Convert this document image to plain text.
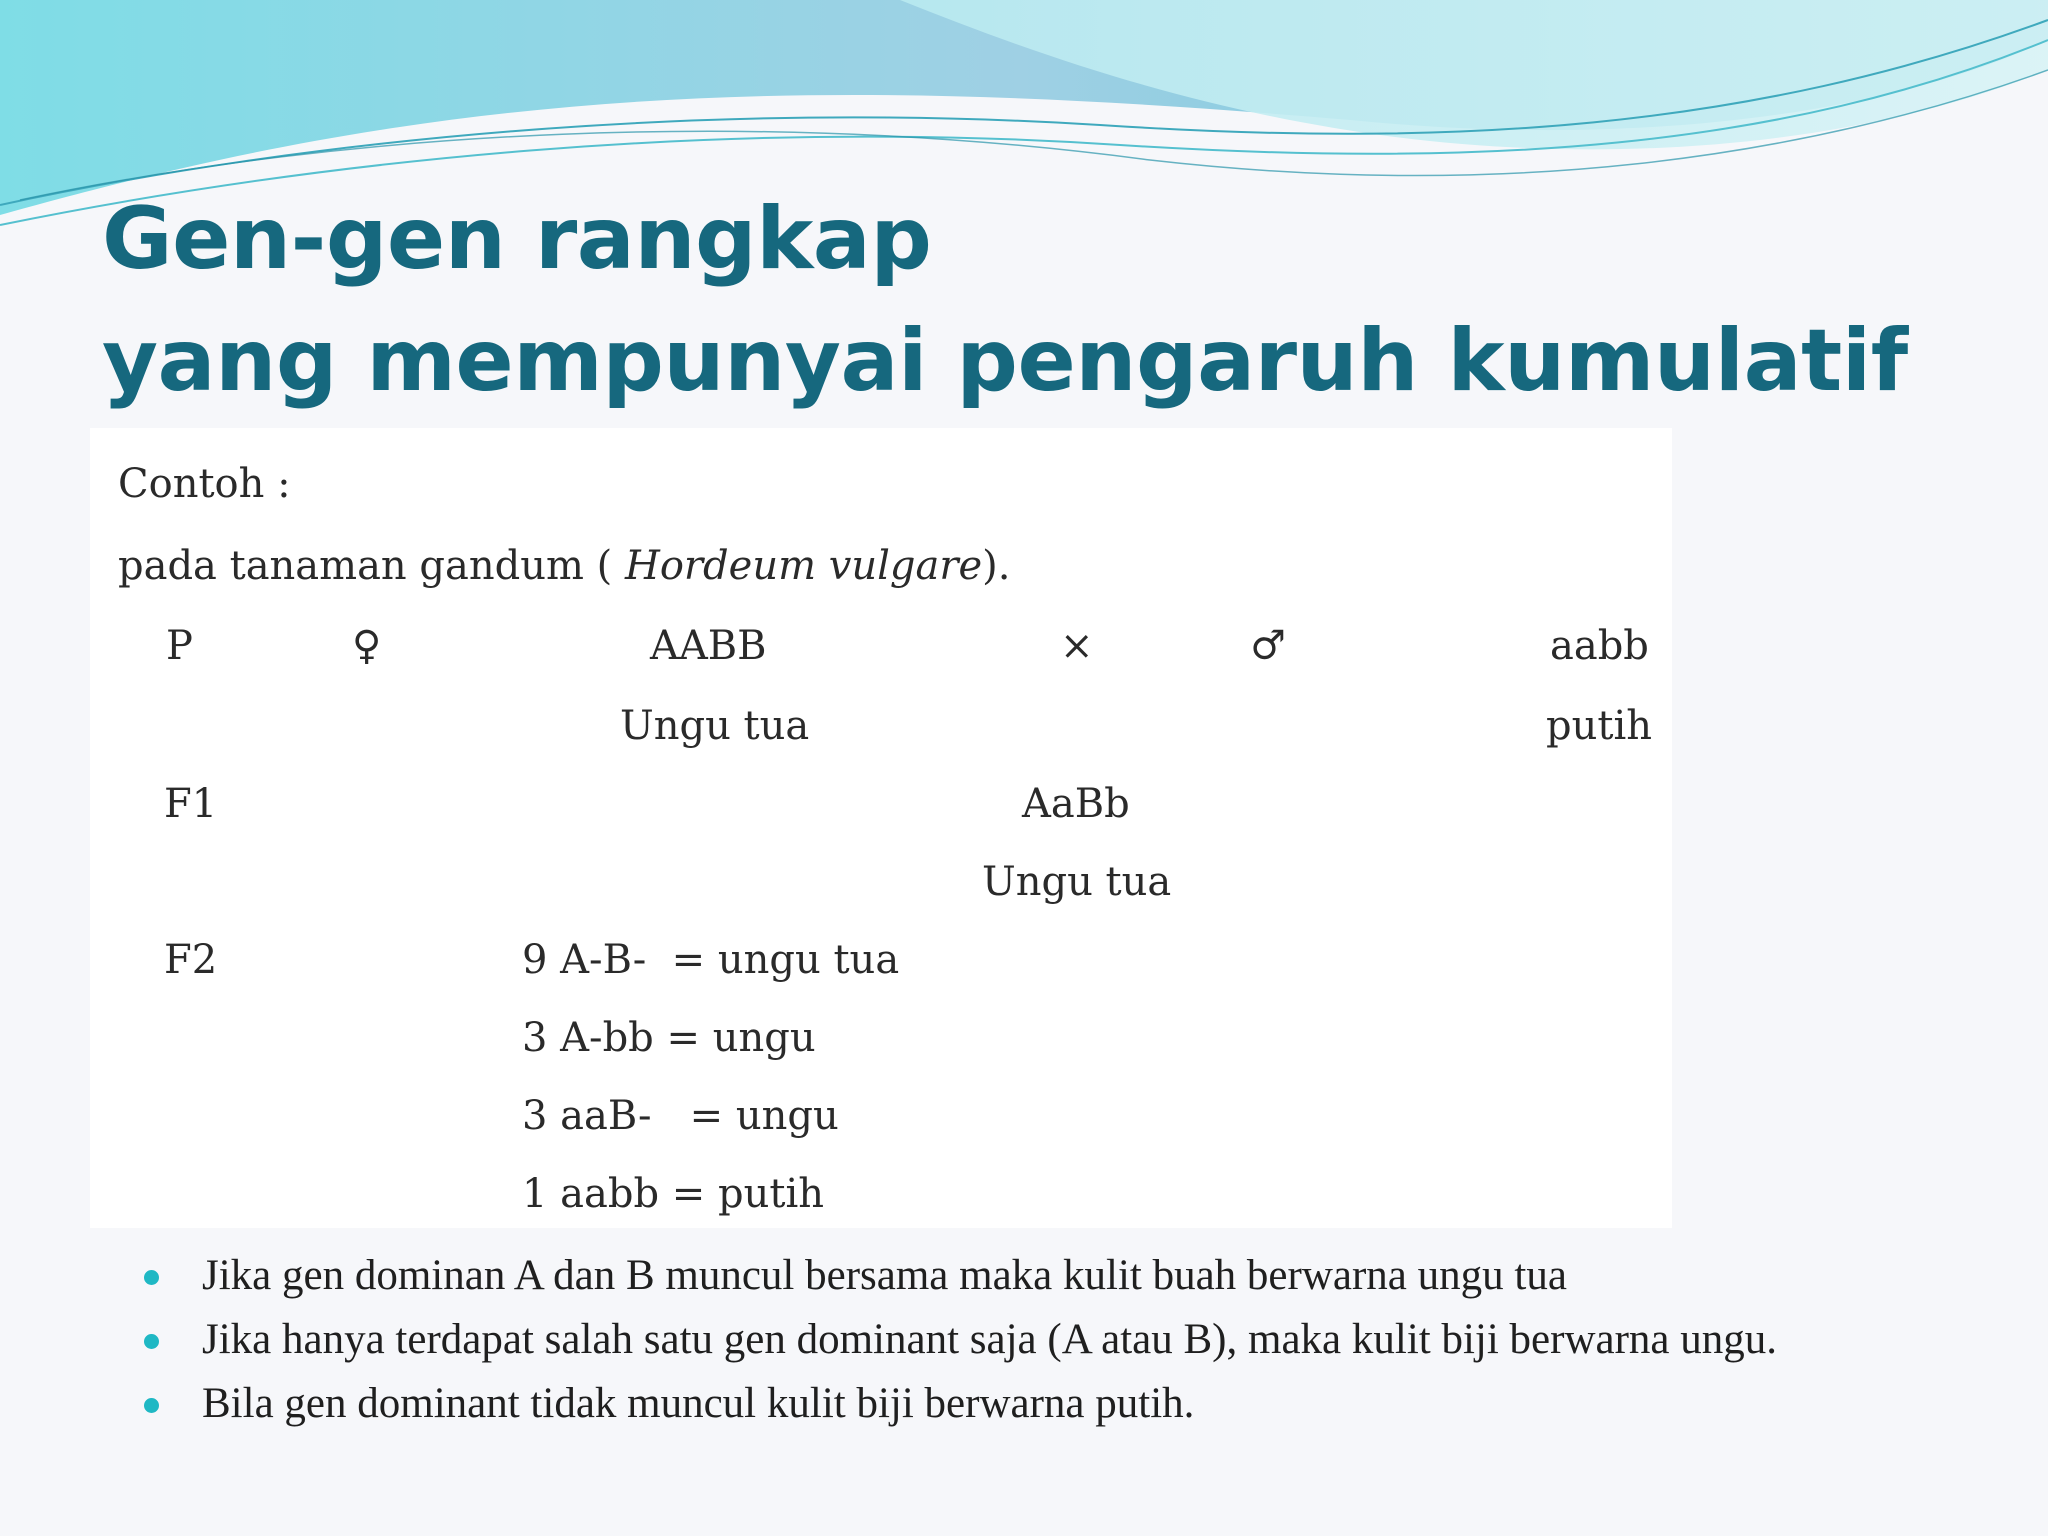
Gen-gen rangkap
yang mempunyai pengaruh kumulatif
Contoh :
pada tanaman gandum ( Hordeum vulgare).
P	♀	AABB	×	♂	aabb
Ungu tua	putih
F1	AaBb
Ungu tua
F2	9 A-B-  = ungu tua
3 A-bb = ungu
3 aaB-   = ungu
1 aabb = putih
Jika gen dominan A dan B muncul bersama maka kulit buah berwarna ungu tua
Jika hanya terdapat salah satu gen dominant saja (A atau B), maka kulit biji berwarna ungu.
Bila gen dominant tidak muncul kulit biji berwarna putih.
